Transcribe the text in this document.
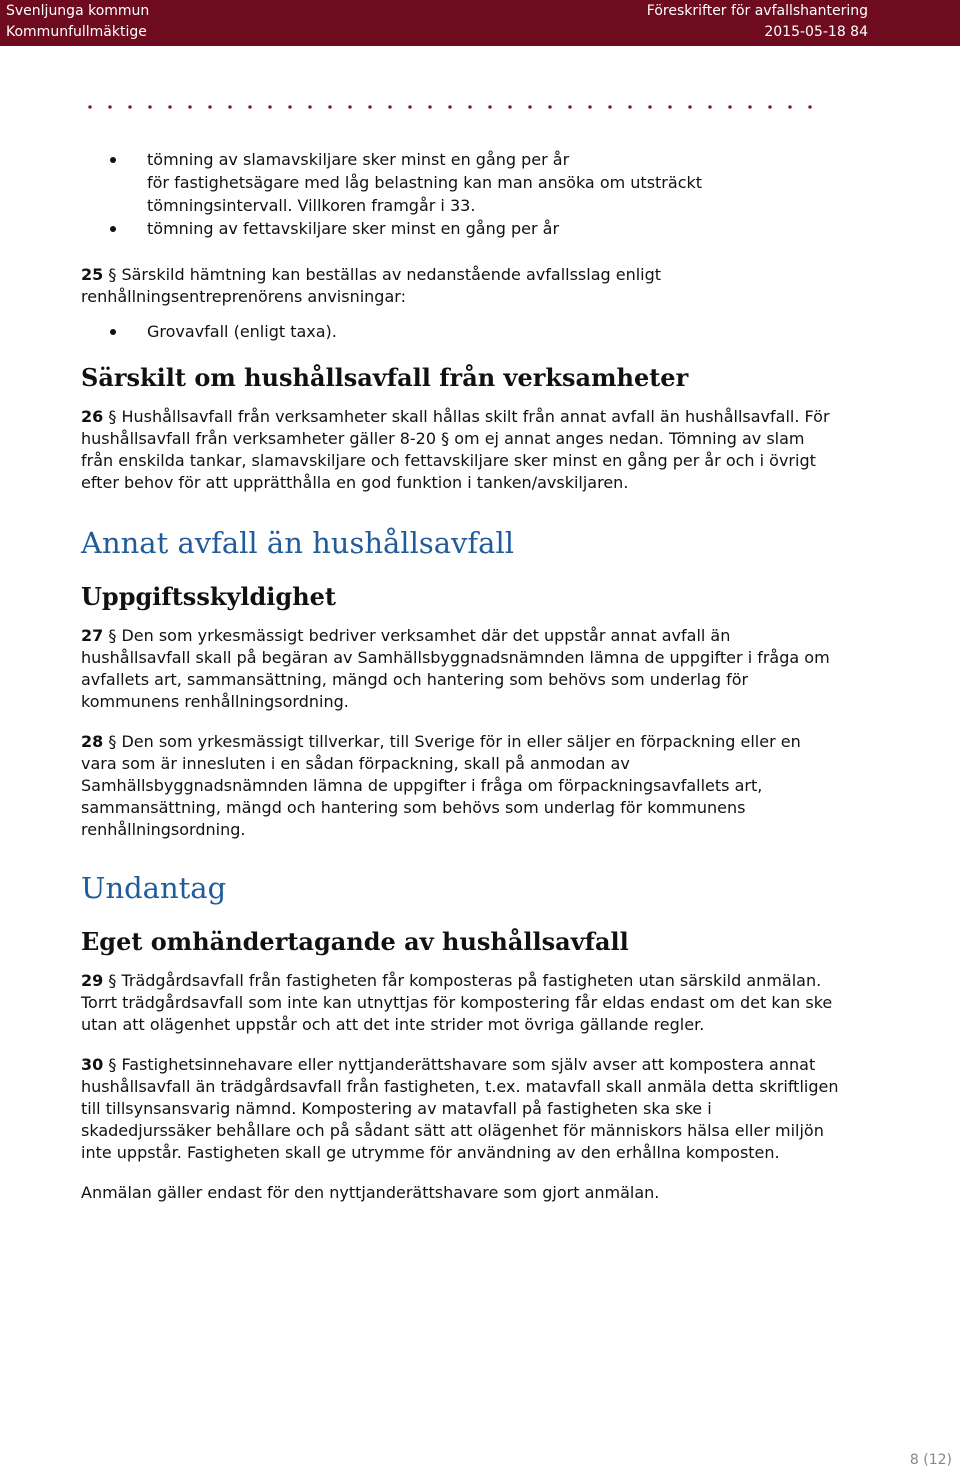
Svenljunga kommun
Kommunfullmäktige
Föreskrifter för avfallshantering
2015-05-18 84
tömning av slamavskiljare sker minst en gång per år
för fastighetsägare med låg belastning kan man ansöka om utsträckt tömningsintervall. Villkoren framgår i 33.
tömning av fettavskiljare sker minst en gång per år

25 § Särskild hämtning kan beställas av nedanstående avfallsslag enligt renhållningsentreprenörens anvisningar:

Grovavfall (enligt taxa).
Särskilt om hushållsavfall från verksamheter

26 § Hushållsavfall från verksamheter skall hållas skilt från annat avfall än hushållsavfall. För hushållsavfall från verksamheter gäller 8-20 § om ej annat anges nedan. Tömning av slam från enskilda tankar, slamavskiljare och fettavskiljare sker minst en gång per år och i övrigt efter behov för att upprätthålla en god funktion i tanken/avskiljaren.

Annat avfall än hushållsavfall
Uppgiftsskyldighet

27 § Den som yrkesmässigt bedriver verksamhet där det uppstår annat avfall än hushållsavfall skall på begäran av Samhällsbyggnadsnämnden lämna de uppgifter i fråga om avfallets art, sammansättning, mängd och hantering som behövs som underlag för kommunens renhållningsordning.

28 § Den som yrkesmässigt tillverkar, till Sverige för in eller säljer en förpackning eller en vara som är innesluten i en sådan förpackning, skall på anmodan av Samhällsbyggnadsnämnden lämna de uppgifter i fråga om förpackningsavfallets art, sammansättning, mängd och hantering som behövs som underlag för kommunens renhållningsordning.

Undantag
Eget omhändertagande av hushållsavfall

29 § Trädgårdsavfall från fastigheten får komposteras på fastigheten utan särskild anmälan. Torrt trädgårdsavfall som inte kan utnyttjas för kompostering får eldas endast om det kan ske utan att olägenhet uppstår och att det inte strider mot övriga gällande regler.

30 § Fastighetsinnehavare eller nyttjanderättshavare som själv avser att kompostera annat hushållsavfall än trädgårdsavfall från fastigheten, t.ex. matavfall skall anmäla detta skriftligen till tillsynsansvarig nämnd. Kompostering av matavfall på fastigheten ska ske i skadedjurssäker behållare och på sådant sätt att olägenhet för människors hälsa eller miljön inte uppstår. Fastigheten skall ge utrymme för användning av den erhållna komposten.

Anmälan gäller endast för den nyttjanderättshavare som gjort anmälan.

8 (12)
